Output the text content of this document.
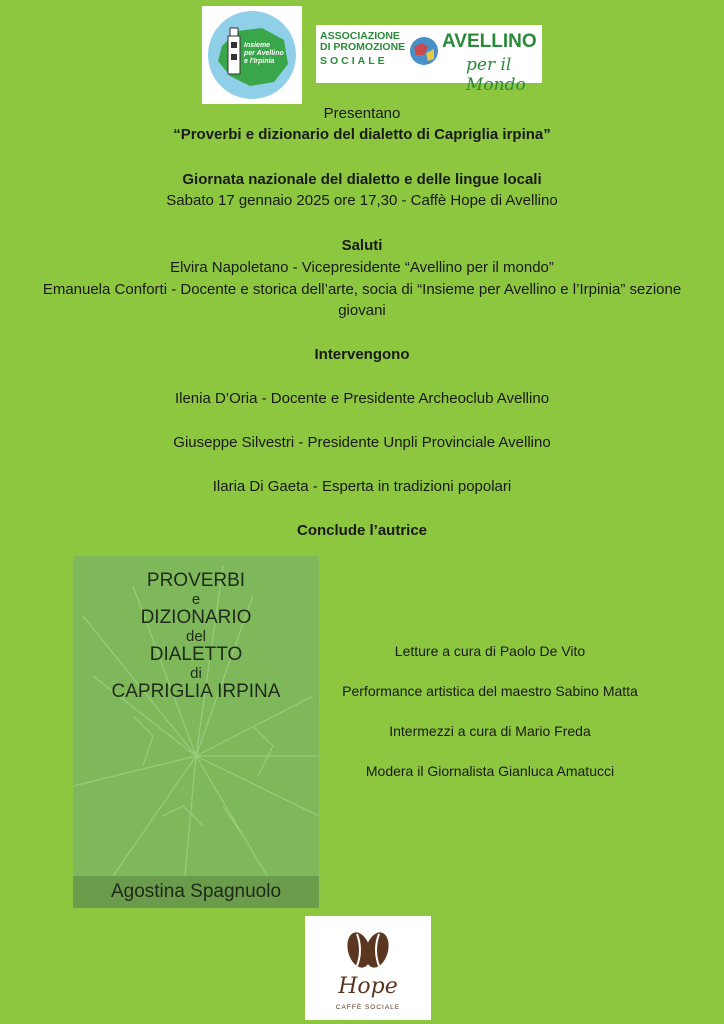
Insieme
per Avellino
e l'Irpinia
ASSOCIAZIONE
DI PROMOZIONE
SOCIALE
AVELLINO
per il Mondo
Presentano
“Proverbi e dizionario del dialetto di Capriglia irpina”
Giornata nazionale del dialetto e delle lingue locali
Sabato 17 gennaio 2025 ore 17,30 - Caffè Hope di Avellino
Saluti
Elvira Napoletano - Vicepresidente “Avellino per il mondo”
Emanuela Conforti - Docente e storica dell’arte, socia di “Insieme per Avellino e l’Irpinia” sezione
giovani
Intervengono
Ilenia D’Oria - Docente e Presidente Archeoclub Avellino
Giuseppe Silvestri - Presidente Unpli Provinciale Avellino
Ilaria Di Gaeta - Esperta in tradizioni popolari
Conclude l’autrice
PROVERBI
e
DIZIONARIO
del
DIALETTO
di
CAPRIGLIA IRPINA
Agostina Spagnuolo
Letture a cura di Paolo De Vito
Performance artistica del maestro Sabino Matta
Intermezzi a cura di Mario Freda
Modera il Giornalista Gianluca Amatucci
Hope
CAFFÈ SOCIALE
